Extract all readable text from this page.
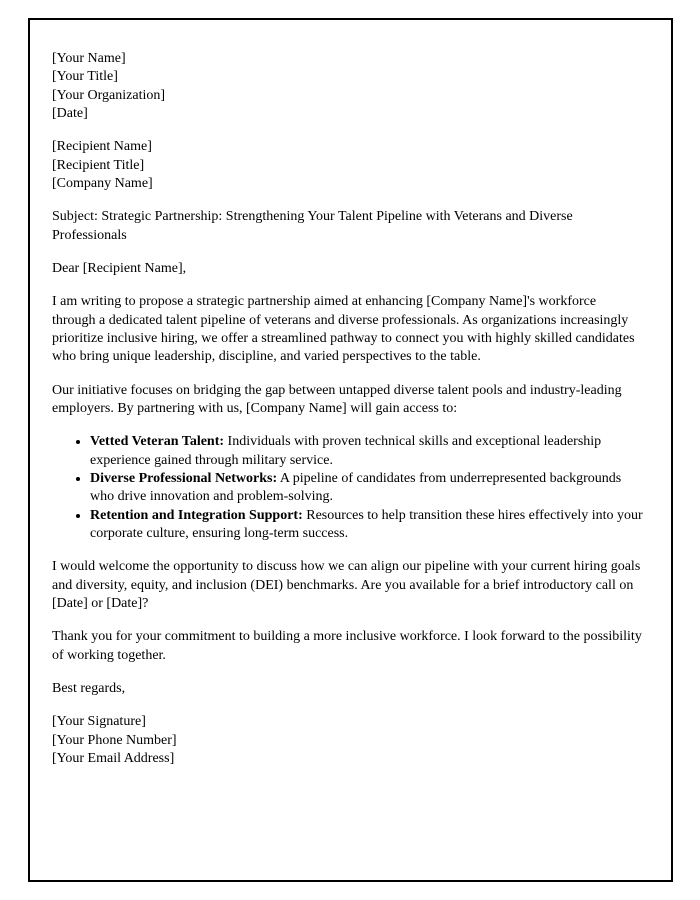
[Your Name]
[Your Title]
[Your Organization]
[Date]
[Recipient Name]
[Recipient Title]
[Company Name]
Subject: Strategic Partnership: Strengthening Your Talent Pipeline with Veterans and Diverse Professionals
Dear [Recipient Name],
I am writing to propose a strategic partnership aimed at enhancing [Company Name]'s workforce through a dedicated talent pipeline of veterans and diverse professionals. As organizations increasingly prioritize inclusive hiring, we offer a streamlined pathway to connect you with highly skilled candidates who bring unique leadership, discipline, and varied perspectives to the table.
Our initiative focuses on bridging the gap between untapped diverse talent pools and industry-leading employers. By partnering with us, [Company Name] will gain access to:
• Vetted Veteran Talent: Individuals with proven technical skills and exceptional leadership experience gained through military service.
• Diverse Professional Networks: A pipeline of candidates from underrepresented backgrounds who drive innovation and problem-solving.
• Retention and Integration Support: Resources to help transition these hires effectively into your corporate culture, ensuring long-term success.
I would welcome the opportunity to discuss how we can align our pipeline with your current hiring goals and diversity, equity, and inclusion (DEI) benchmarks. Are you available for a brief introductory call on [Date] or [Date]?
Thank you for your commitment to building a more inclusive workforce. I look forward to the possibility of working together.
Best regards,
[Your Signature]
[Your Phone Number]
[Your Email Address]
